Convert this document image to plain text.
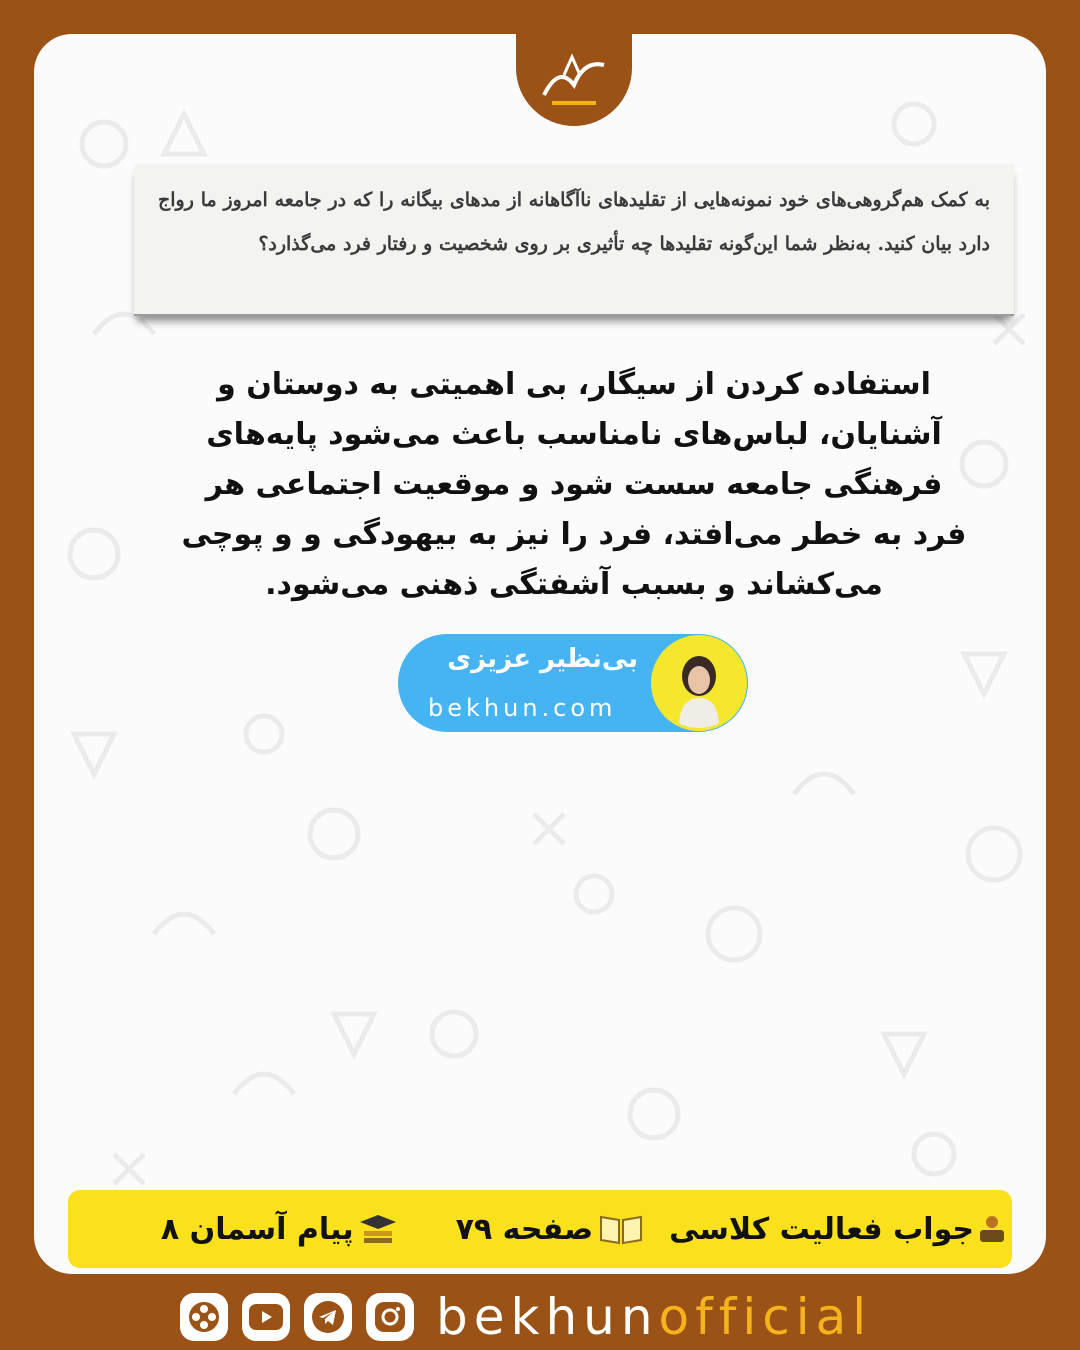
به کمک هم‌گروهی‌های خود نمونه‌هایی از تقلیدهای ناآگاهانه از مدهای بیگانه را که در جامعه امروز ما رواج دارد بیان کنید. به‌نظر شما این‌گونه تقلیدها چه تأثیری بر روی شخصیت و رفتار فرد می‌گذارد؟
استفاده کردن از سیگار، بی اهمیتی به دوستان و آشنایان، لباس‌های نامناسب باعث می‌شود پایه‌های فرهنگی جامعه سست شود و موقعیت اجتماعی هر فرد به خطر می‌افتد، فرد را نیز به بیهودگی و و پوچی می‌کشاند و بسبب آشفتگی ذهنی می‌شود.
بی‌نظیر عزیزی
bekhun.com
جواب فعالیت کلاسی
صفحه ۷۹
پیام آسمان ۸
bekhunofficial
